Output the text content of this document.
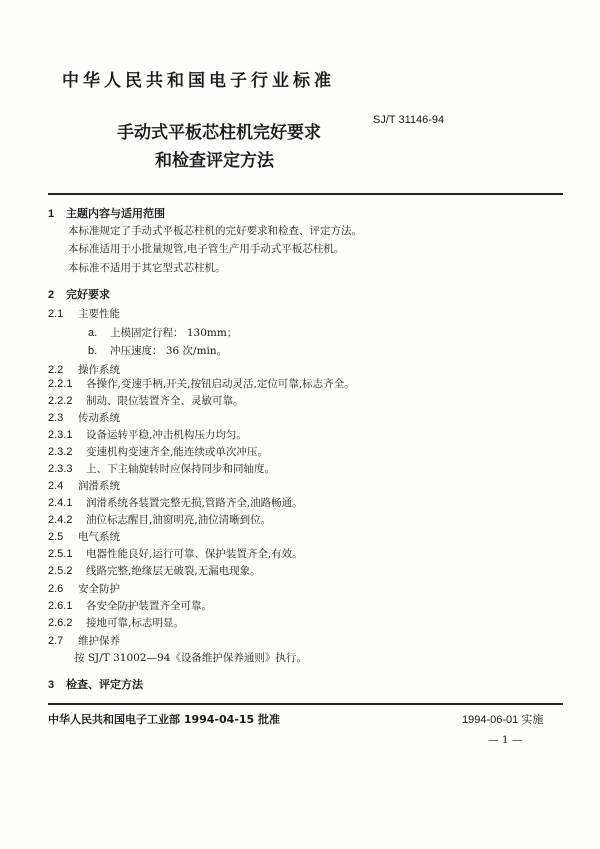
中华人民共和国电子行业标准
手动式平板芯柱机完好要求
和检查评定方法
SJ/T 31146-94
1 主题内容与适用范围
本标准规定了手动式平板芯柱机的完好要求和检查、评定方法。
本标准适用于小批量规管,电子管生产用手动式平板芯柱机。
本标准不适用于其它型式芯柱机。
2 完好要求
2.1 主要性能
a. 上模固定行程： 130mm；
b. 冲压速度： 36 次/min。
2.2 操作系统
2.2.1 各操作,变速手柄,开关,按钮启动灵活,定位可靠,标志齐全。
2.2.2 制动、限位装置齐全、灵敏可靠。
2.3 传动系统
2.3.1 设备运转平稳,冲击机构压力均匀。
2.3.2 变速机构变速齐全,能连续或单次冲压。
2.3.3 上、下主轴旋转时应保持同步和同轴度。
2.4 润滑系统
2.4.1 润滑系统各装置完整无损,管路齐全,油路畅通。
2.4.2 油位标志醒目,油窗明亮,油位清晰到位。
2.5 电气系统
2.5.1 电器性能良好,运行可靠、保护装置齐全,有效。
2.5.2 线路完整,绝缘层无破裂,无漏电现象。
2.6 安全防护
2.6.1 各安全防护装置齐全可靠。
2.6.2 接地可靠,标志明显。
2.7 维护保养
按 SJ/T 31002—94《设备维护保养通则》执行。
3 检查、评定方法
中华人民共和国电子工业部 1994-04-15 批准	1994-06-01 实施
— 1 —
